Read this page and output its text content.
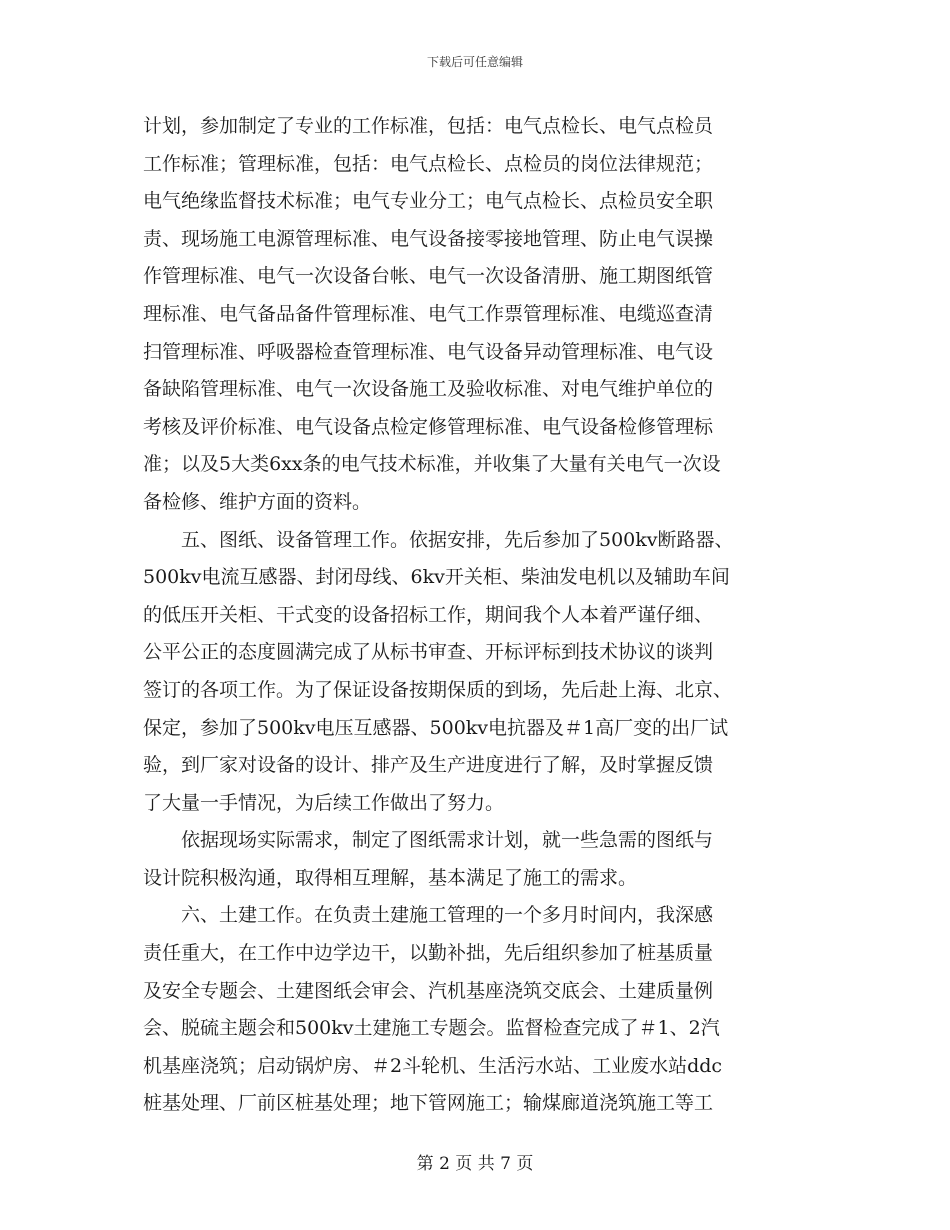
下载后可任意编辑
计划，参加制定了专业的工作标准，包括：电气点检长、电气点检员
工作标准；管理标准，包括：电气点检长、点检员的岗位法律规范；
电气绝缘监督技术标准；电气专业分工；电气点检长、点检员安全职
责、现场施工电源管理标准、电气设备接零接地管理、防止电气误操
作管理标准、电气一次设备台帐、电气一次设备清册、施工期图纸管
理标准、电气备品备件管理标准、电气工作票管理标准、电缆巡查清
扫管理标准、呼吸器检查管理标准、电气设备异动管理标准、电气设
备缺陷管理标准、电气一次设备施工及验收标准、对电气维护单位的
考核及评价标准、电气设备点检定修管理标准、电气设备检修管理标
准；以及5大类6xx条的电气技术标准，并收集了大量有关电气一次设
备检修、维护方面的资料。
　　五、图纸、设备管理工作。依据安排，先后参加了500kv断路器、
500kv电流互感器、封闭母线、6kv开关柜、柴油发电机以及辅助车间
的低压开关柜、干式变的设备招标工作，期间我个人本着严谨仔细、
公平公正的态度圆满完成了从标书审查、开标评标到技术协议的谈判
签订的各项工作。为了保证设备按期保质的到场，先后赴上海、北京、
保定，参加了500kv电压互感器、500kv电抗器及＃1高厂变的出厂试
验，到厂家对设备的设计、排产及生产进度进行了解，及时掌握反馈
了大量一手情况，为后续工作做出了努力。
　　依据现场实际需求，制定了图纸需求计划，就一些急需的图纸与
设计院积极沟通，取得相互理解，基本满足了施工的需求。
　　六、土建工作。在负责土建施工管理的一个多月时间内，我深感
责任重大，在工作中边学边干，以勤补拙，先后组织参加了桩基质量
及安全专题会、土建图纸会审会、汽机基座浇筑交底会、土建质量例
会、脱硫主题会和500kv土建施工专题会。监督检查完成了＃1、2汽
机基座浇筑；启动锅炉房、＃2斗轮机、生活污水站、工业废水站ddc
桩基处理、厂前区桩基处理；地下管网施工；输煤廊道浇筑施工等工
第 2 页 共 7 页
